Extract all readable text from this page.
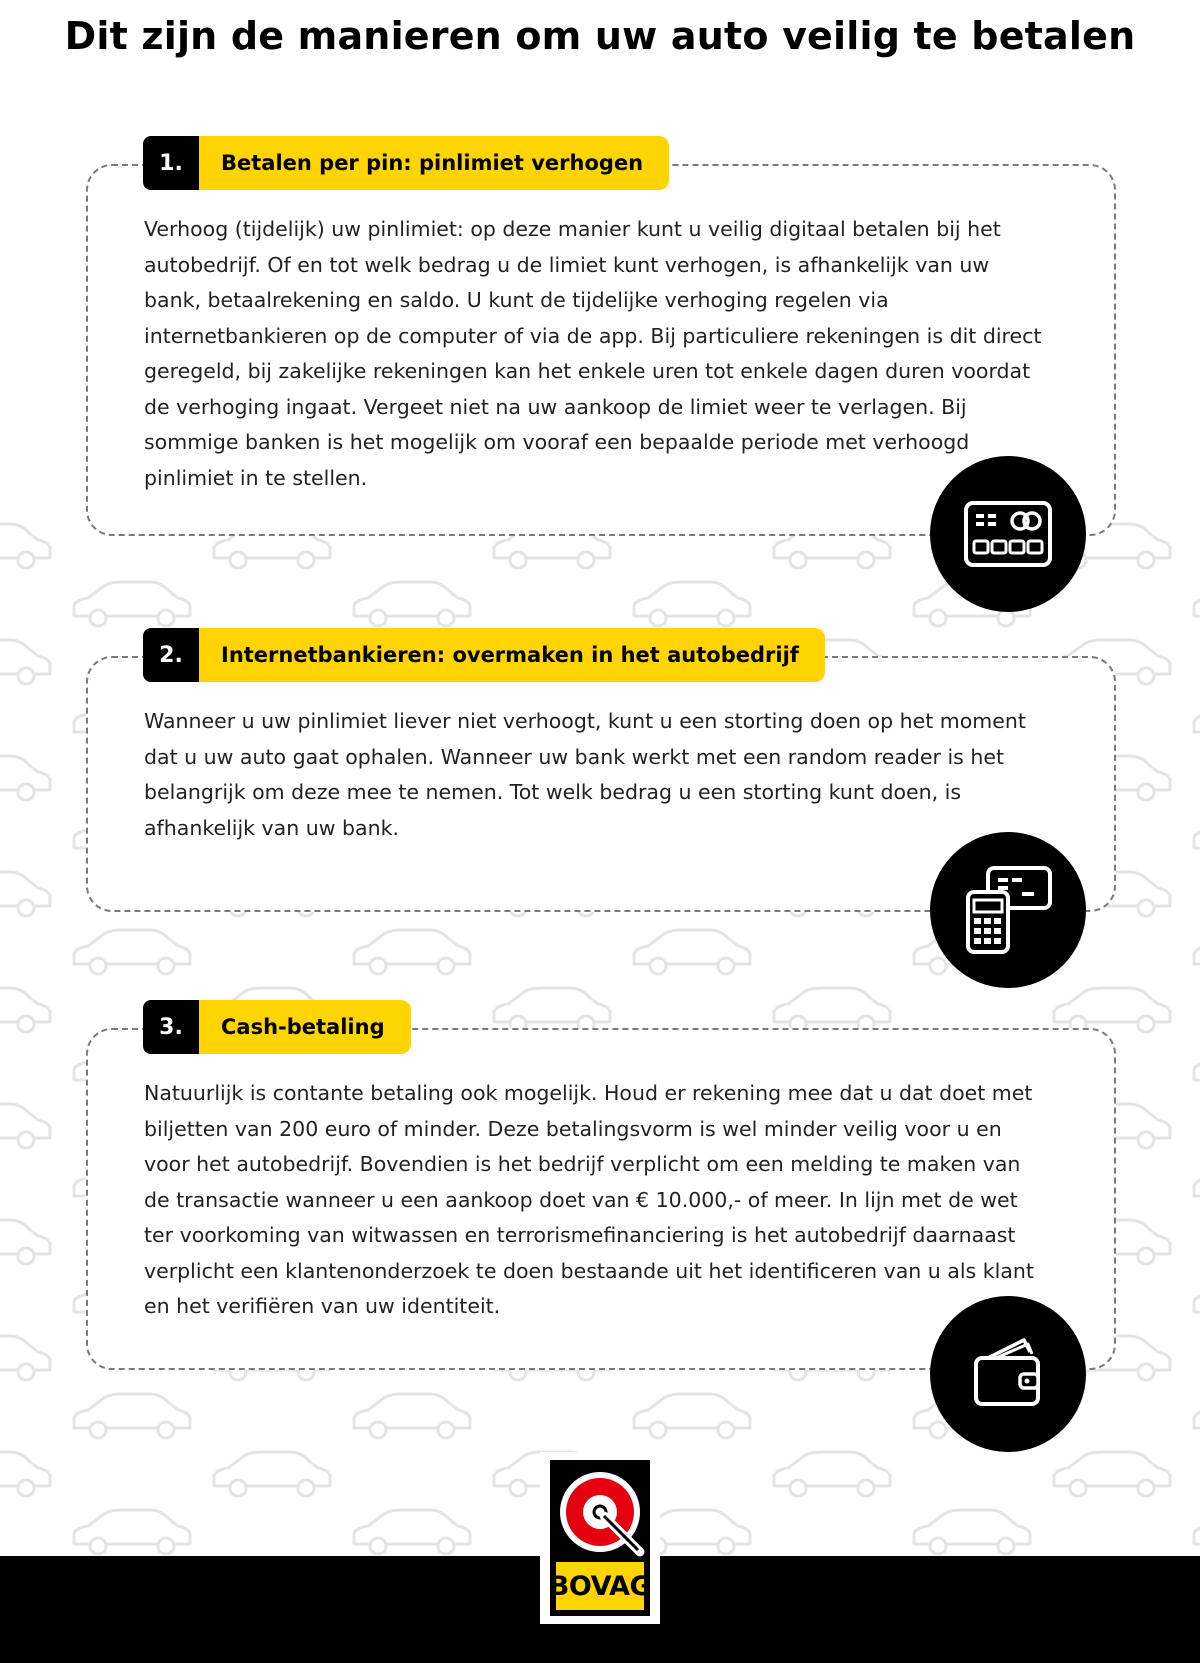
Dit zijn de manieren om uw auto veilig te betalen
1.	Betalen per pin: pinlimiet verhogen
Verhoog (tijdelijk) uw pinlimiet: op deze manier kunt u veilig digitaal betalen bij het autobedrijf. Of en tot welk bedrag u de limiet kunt verhogen, is afhankelijk van uw bank, betaalrekening en saldo. U kunt de tijdelijke verhoging regelen via internetbankieren op de computer of via de app. Bij particuliere rekeningen is dit direct geregeld, bij zakelijke rekeningen kan het enkele uren tot enkele dagen duren voordat de verhoging ingaat. Vergeet niet na uw aankoop de limiet weer te verlagen. Bij sommige banken is het mogelijk om vooraf een bepaalde periode met verhoogd pinlimiet in te stellen.
2.	Internetbankieren: overmaken in het autobedrijf
Wanneer u uw pinlimiet liever niet verhoogt, kunt u een storting doen op het moment dat u uw auto gaat ophalen. Wanneer uw bank werkt met een random reader is het belangrijk om deze mee te nemen. Tot welk bedrag u een storting kunt doen, is afhankelijk van uw bank.
3.	Cash-betaling
Natuurlijk is contante betaling ook mogelijk. Houd er rekening mee dat u dat doet met biljetten van 200 euro of minder. Deze betalingsvorm is wel minder veilig voor u en voor het autobedrijf. Bovendien is het bedrijf verplicht om een melding te maken van de transactie wanneer u een aankoop doet van € 10.000,- of meer. In lijn met de wet ter voorkoming van witwassen en terrorismefinanciering is het autobedrijf daarnaast verplicht een klantenonderzoek te doen bestaande uit het identificeren van u als klant en het verifiëren van uw identiteit.
BOVAG
